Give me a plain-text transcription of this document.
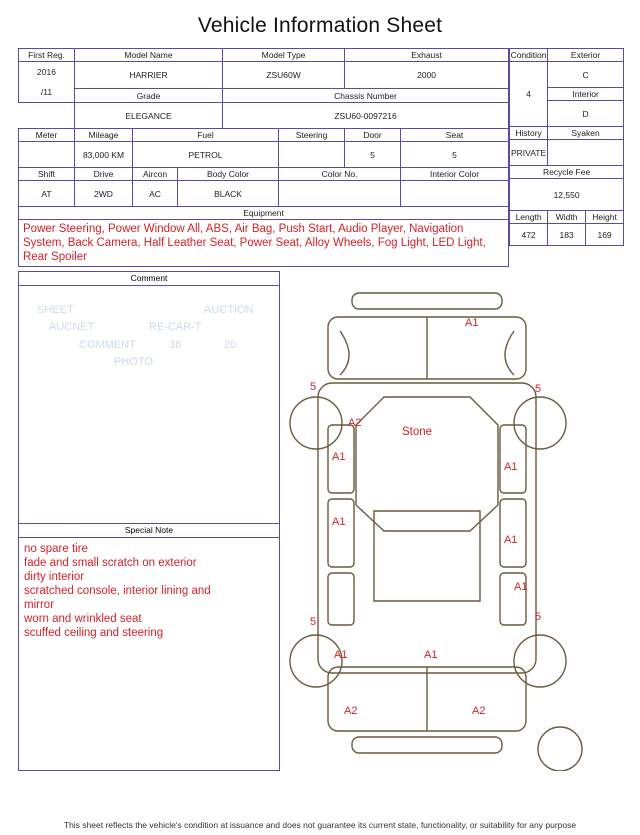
Vehicle Information Sheet
First Reg.	Model Name			Model Type		Exhaust	

2016
/11	HARRIER			ZSU60W		2000	
	Grade			Chassis Number			
	ELEGANCE			ZSU60-0097216			
Meter	Mileage	Fuel			Steering	Door	Seat
	83,000 KM	PETROL				5	5
Shift	Drive	Aircon	Body Color		Color No.		Interior Color
AT	2WD	AC	BLACK				
Equipment							

Power Steering, Power Window All, ABS, Air Bag, Push Start, Audio Player, Navigation System, Back Camera, Half Leather Seat, Power Seat, Alloy Wheels, Fog Light, LED Light, Rear Spoiler							
Condition	Exterior	
4	C	
	Interior	
	D	
History	Syaken	
PRIVATE		
Recycle Fee		
12,550		
Length	Width	Height
472	183	169
Comment
AUCNET	RE-CAR-T
COMMENT	36
PHOTO
AUCTION
SHEET
20
Special Note
no spare tire
fade and small scratch on exterior
dirty interior
scratched console, interior lining and
mirror
worn and wrinkled seat
scuffed ceiling and steering
A1
5	5
A2
Stone
A1
A1
A1
A1
A1
5	5
A1	A1
A2	A2
This sheet reflects the vehicle's condition at issuance and does not guarantee its current state, functionality, or suitability for any purpose
